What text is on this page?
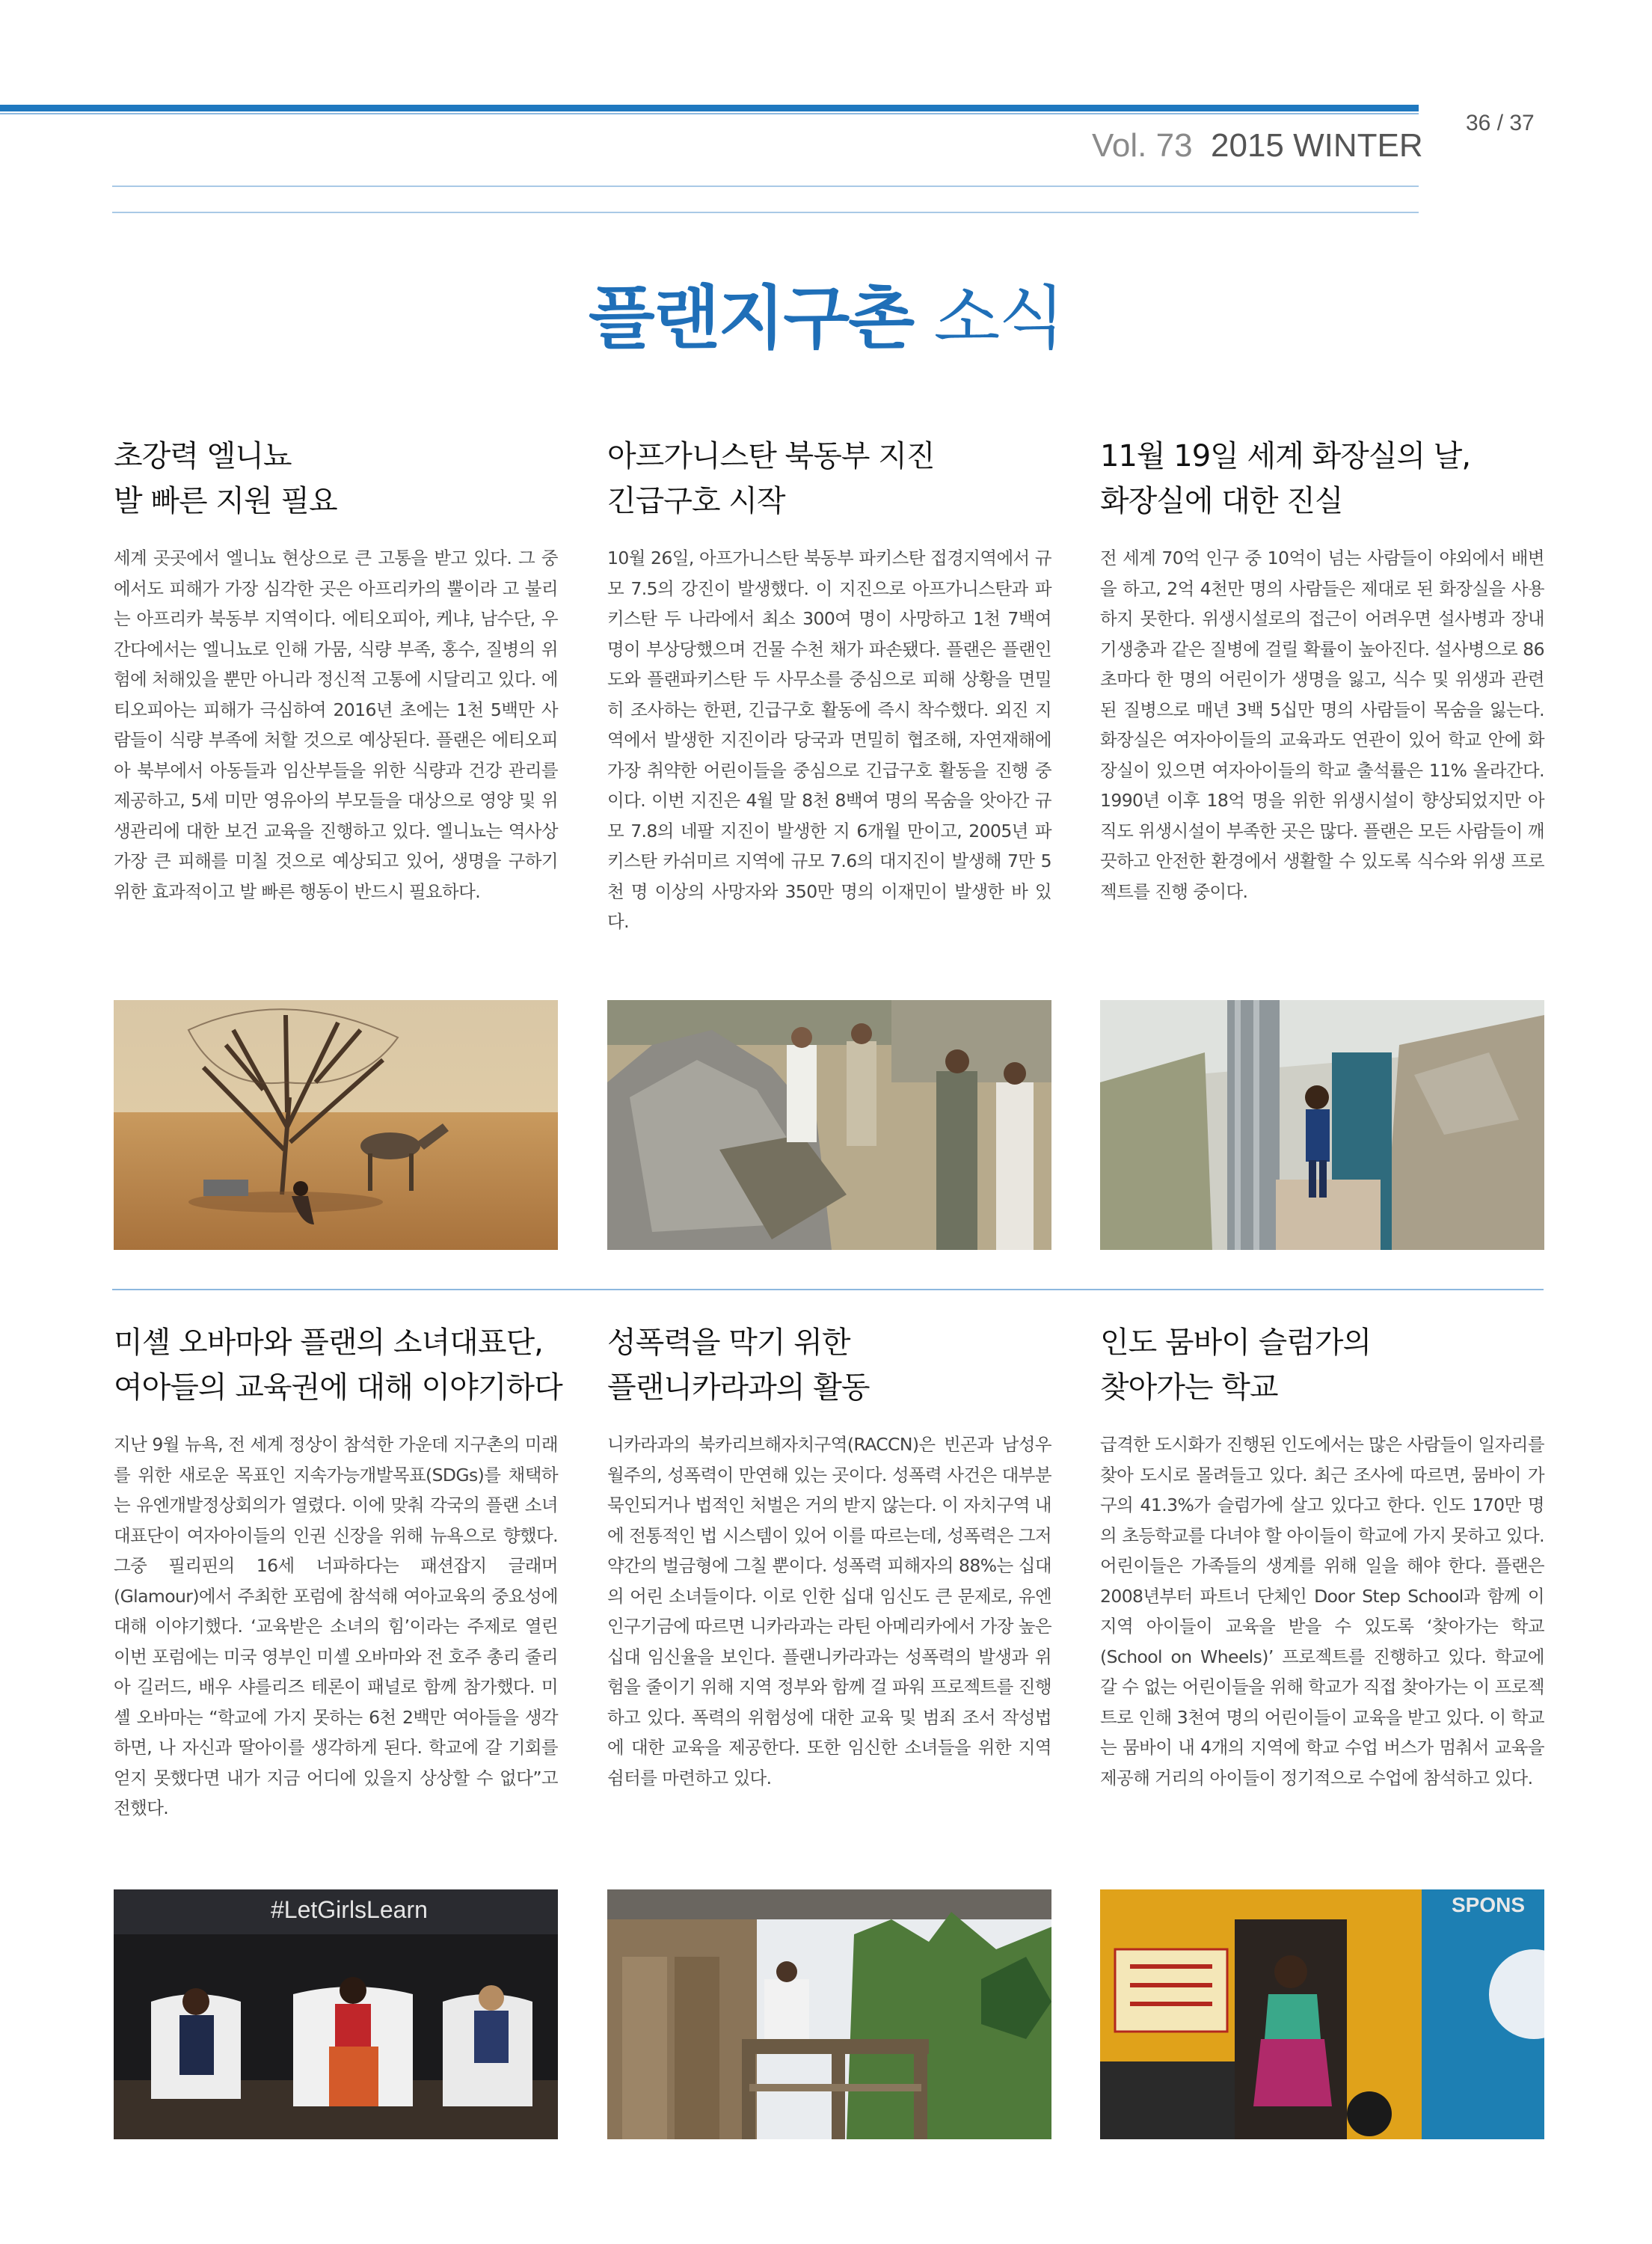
Vol. 73 2015 WINTER
36 / 37
플랜지구촌 소식
초강력 엘니뇨
발 빠른 지원 필요
세계 곳곳에서 엘니뇨 현상으로 큰 고통을 받고 있다. 그 중에서도 피해가 가장 심각한 곳은 아프리카의 뿔이라 고 불리는 아프리카 북동부 지역이다. 에티오피아, 케냐, 남수단, 우간다에서는 엘니뇨로 인해 가뭄, 식량 부족, 홍수, 질병의 위험에 처해있을 뿐만 아니라 정신적 고통에 시달리고 있다. 에티오피아는 피해가 극심하여 2016년 초에는 1천 5백만 사람들이 식량 부족에 처할 것으로 예상된다. 플랜은 에티오피아 북부에서 아동들과 임산부들을 위한 식량과 건강 관리를 제공하고, 5세 미만 영유아의 부모들을 대상으로 영양 및 위생관리에 대한 보건 교육을 진행하고 있다. 엘니뇨는 역사상 가장 큰 피해를 미칠 것으로 예상되고 있어, 생명을 구하기 위한 효과적이고 발 빠른 행동이 반드시 필요하다.
아프가니스탄 북동부 지진
긴급구호 시작
10월 26일, 아프가니스탄 북동부 파키스탄 접경지역에서 규모 7.5의 강진이 발생했다. 이 지진으로 아프가니스탄과 파키스탄 두 나라에서 최소 300여 명이 사망하고 1천 7백여 명이 부상당했으며 건물 수천 채가 파손됐다. 플랜은 플랜인도와 플랜파키스탄 두 사무소를 중심으로 피해 상황을 면밀히 조사하는 한편, 긴급구호 활동에 즉시 착수했다. 외진 지역에서 발생한 지진이라 당국과 면밀히 협조해, 자연재해에 가장 취약한 어린이들을 중심으로 긴급구호 활동을 진행 중이다. 이번 지진은 4월 말 8천 8백여 명의 목숨을 앗아간 규모 7.8의 네팔 지진이 발생한 지 6개월 만이고, 2005년 파키스탄 카쉬미르 지역에 규모 7.6의 대지진이 발생해 7만 5천 명 이상의 사망자와 350만 명의 이재민이 발생한 바 있다.
11월 19일 세계 화장실의 날,
화장실에 대한 진실
전 세계 70억 인구 중 10억이 넘는 사람들이 야외에서 배변을 하고, 2억 4천만 명의 사람들은 제대로 된 화장실을 사용하지 못한다. 위생시설로의 접근이 어려우면 설사병과 장내 기생충과 같은 질병에 걸릴 확률이 높아진다. 설사병으로 86초마다 한 명의 어린이가 생명을 잃고, 식수 및 위생과 관련된 질병으로 매년 3백 5십만 명의 사람들이 목숨을 잃는다. 화장실은 여자아이들의 교육과도 연관이 있어 학교 안에 화장실이 있으면 여자아이들의 학교 출석률은 11% 올라간다. 1990년 이후 18억 명을 위한 위생시설이 향상되었지만 아직도 위생시설이 부족한 곳은 많다. 플랜은 모든 사람들이 깨끗하고 안전한 환경에서 생활할 수 있도록 식수와 위생 프로젝트를 진행 중이다.
미셸 오바마와 플랜의 소녀대표단,
여아들의 교육권에 대해 이야기하다
지난 9월 뉴욕, 전 세계 정상이 참석한 가운데 지구촌의 미래를 위한 새로운 목표인 지속가능개발목표(SDGs)를 채택하는 유엔개발정상회의가 열렸다. 이에 맞춰 각국의 플랜 소녀 대표단이 여자아이들의 인권 신장을 위해 뉴욕으로 향했다. 그중 필리핀의 16세 너파하다는 패션잡지 글래머(Glamour)에서 주최한 포럼에 참석해 여아교육의 중요성에 대해 이야기했다. ‘교육받은 소녀의 힘’이라는 주제로 열린 이번 포럼에는 미국 영부인 미셸 오바마와 전 호주 총리 줄리아 길러드, 배우 샤를리즈 테론이 패널로 함께 참가했다. 미셸 오바마는 “학교에 가지 못하는 6천 2백만 여아들을 생각하면, 나 자신과 딸아이를 생각하게 된다. 학교에 갈 기회를 얻지 못했다면 내가 지금 어디에 있을지 상상할 수 없다”고 전했다.
성폭력을 막기 위한
플랜니카라과의 활동
니카라과의 북카리브해자치구역(RACCN)은 빈곤과 남성우월주의, 성폭력이 만연해 있는 곳이다. 성폭력 사건은 대부분 묵인되거나 법적인 처벌은 거의 받지 않는다. 이 자치구역 내에 전통적인 법 시스템이 있어 이를 따르는데, 성폭력은 그저 약간의 벌금형에 그칠 뿐이다. 성폭력 피해자의 88%는 십대의 어린 소녀들이다. 이로 인한 십대 임신도 큰 문제로, 유엔인구기금에 따르면 니카라과는 라틴 아메리카에서 가장 높은 십대 임신율을 보인다. 플랜니카라과는 성폭력의 발생과 위험을 줄이기 위해 지역 정부와 함께 걸 파워 프로젝트를 진행하고 있다. 폭력의 위험성에 대한 교육 및 범죄 조서 작성법에 대한 교육을 제공한다. 또한 임신한 소녀들을 위한 지역 쉼터를 마련하고 있다.
인도 뭄바이 슬럼가의
찾아가는 학교
급격한 도시화가 진행된 인도에서는 많은 사람들이 일자리를 찾아 도시로 몰려들고 있다. 최근 조사에 따르면, 뭄바이 가구의 41.3%가 슬럼가에 살고 있다고 한다. 인도 170만 명의 초등학교를 다녀야 할 아이들이 학교에 가지 못하고 있다. 어린이들은 가족들의 생계를 위해 일을 해야 한다. 플랜은 2008년부터 파트너 단체인 Door Step School과 함께 이 지역 아이들이 교육을 받을 수 있도록 ‘찾아가는 학교(School on Wheels)’ 프로젝트를 진행하고 있다. 학교에 갈 수 없는 어린이들을 위해 학교가 직접 찾아가는 이 프로젝트로 인해 3천여 명의 어린이들이 교육을 받고 있다. 이 학교는 뭄바이 내 4개의 지역에 학교 수업 버스가 멈춰서 교육을 제공해 거리의 아이들이 정기적으로 수업에 참석하고 있다.
#LetGirlsLearn	SPONS
